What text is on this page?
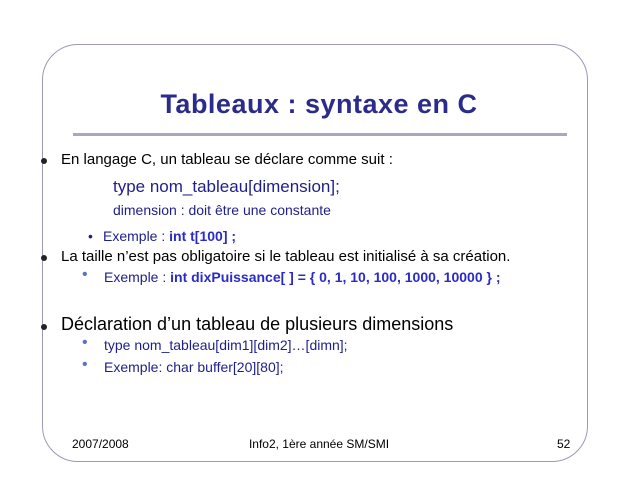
Tableaux : syntaxe en C
En langage C, un tableau se déclare comme suit :
type nom_tableau[dimension];
dimension : doit être une constante
• Exemple : int t[100] ;
La taille n’est pas obligatoire si le tableau est initialisé à sa création.
• Exemple : int dixPuissance[ ] = { 0, 1, 10, 100, 1000, 10000 } ;
Déclaration d’un tableau de plusieurs dimensions
• type nom_tableau[dim1][dim2]…[dimn];
• Exemple: char buffer[20][80];
2007/2008	Info2, 1ère année SM/SMI	52
